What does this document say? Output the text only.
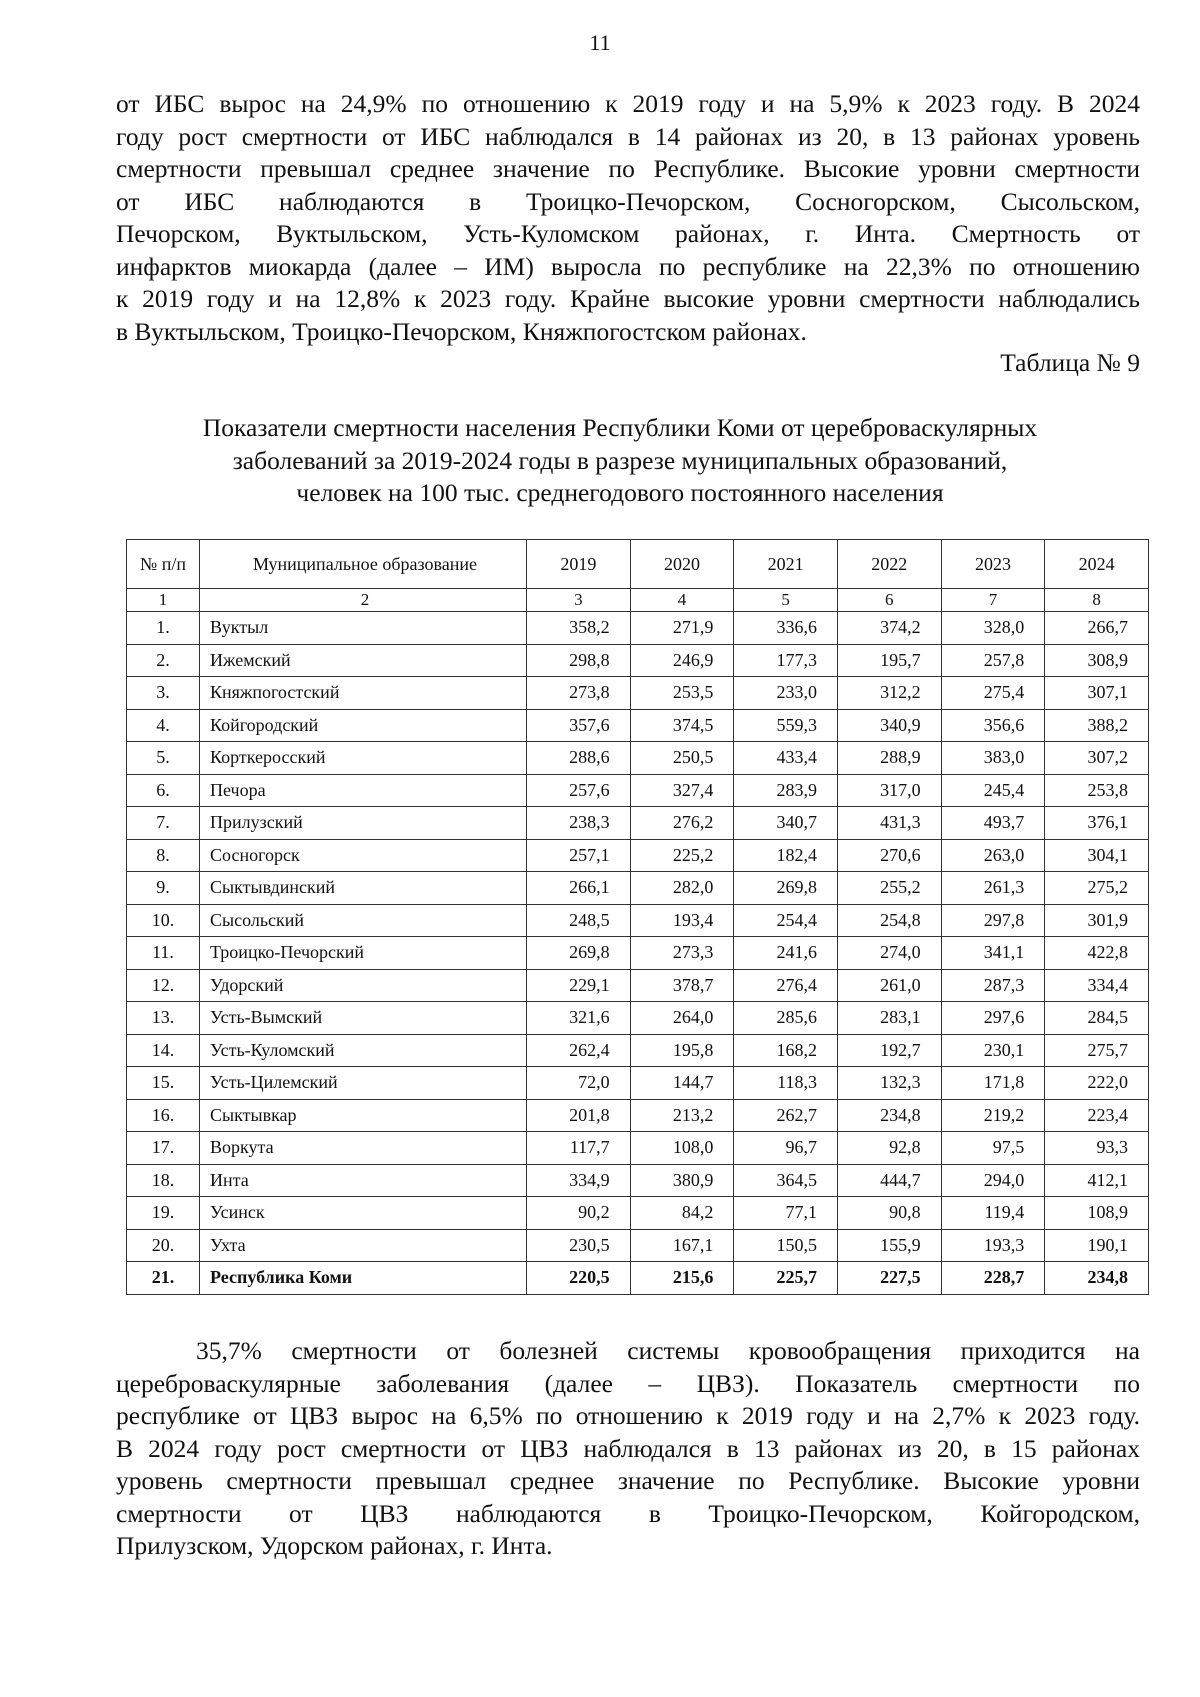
11
от ИБС вырос на 24,9% по отношению к 2019 году и на 5,9% к 2023 году. В 2024
году рост смертности от ИБС наблюдался в 14 районах из 20, в 13 районах уровень
смертности превышал среднее значение по Республике. Высокие уровни смертности
от ИБС наблюдаются в Троицко-Печорском, Сосногорском, Сысольском,
Печорском, Вуктыльском, Усть-Куломском районах, г. Инта. Смертность от
инфарктов миокарда (далее – ИМ) выросла по республике на 22,3% по отношению
к 2019 году и на 12,8% к 2023 году. Крайне высокие уровни смертности наблюдались
в Вуктыльском, Троицко-Печорском, Княжпогостском районах.
Таблица № 9
Показатели смертности населения Республики Коми от цереброваскулярных
заболеваний за 2019-2024 годы в разрезе муниципальных образований,
человек на 100 тыс. среднегодового постоянного населения
№ п/п	Муниципальное образование	2019	2020	2021	2022	2023	2024
1	2	3	4	5	6	7	8
1.	Вуктыл	358,2	271,9	336,6	374,2	328,0	266,7
2.	Ижемский	298,8	246,9	177,3	195,7	257,8	308,9
3.	Княжпогостский	273,8	253,5	233,0	312,2	275,4	307,1
4.	Койгородский	357,6	374,5	559,3	340,9	356,6	388,2
5.	Корткеросский	288,6	250,5	433,4	288,9	383,0	307,2
6.	Печора	257,6	327,4	283,9	317,0	245,4	253,8
7.	Прилузский	238,3	276,2	340,7	431,3	493,7	376,1
8.	Сосногорск	257,1	225,2	182,4	270,6	263,0	304,1
9.	Сыктывдинский	266,1	282,0	269,8	255,2	261,3	275,2
10.	Сысольский	248,5	193,4	254,4	254,8	297,8	301,9
11.	Троицко-Печорский	269,8	273,3	241,6	274,0	341,1	422,8
12.	Удорский	229,1	378,7	276,4	261,0	287,3	334,4
13.	Усть-Вымский	321,6	264,0	285,6	283,1	297,6	284,5
14.	Усть-Куломский	262,4	195,8	168,2	192,7	230,1	275,7
15.	Усть-Цилемский	72,0	144,7	118,3	132,3	171,8	222,0
16.	Сыктывкар	201,8	213,2	262,7	234,8	219,2	223,4
17.	Воркута	117,7	108,0	96,7	92,8	97,5	93,3
18.	Инта	334,9	380,9	364,5	444,7	294,0	412,1
19.	Усинск	90,2	84,2	77,1	90,8	119,4	108,9
20.	Ухта	230,5	167,1	150,5	155,9	193,3	190,1
21.	Республика Коми	220,5	215,6	225,7	227,5	228,7	234,8
35,7% смертности от болезней системы кровообращения приходится на
цереброваскулярные заболевания (далее – ЦВЗ). Показатель смертности по
республике от ЦВЗ вырос на 6,5% по отношению к 2019 году и на 2,7% к 2023 году.
В 2024 году рост смертности от ЦВЗ наблюдался в 13 районах из 20, в 15 районах
уровень смертности превышал среднее значение по Республике. Высокие уровни
смертности от ЦВЗ наблюдаются в Троицко-Печорском, Койгородском,
Прилузском, Удорском районах, г. Инта.
